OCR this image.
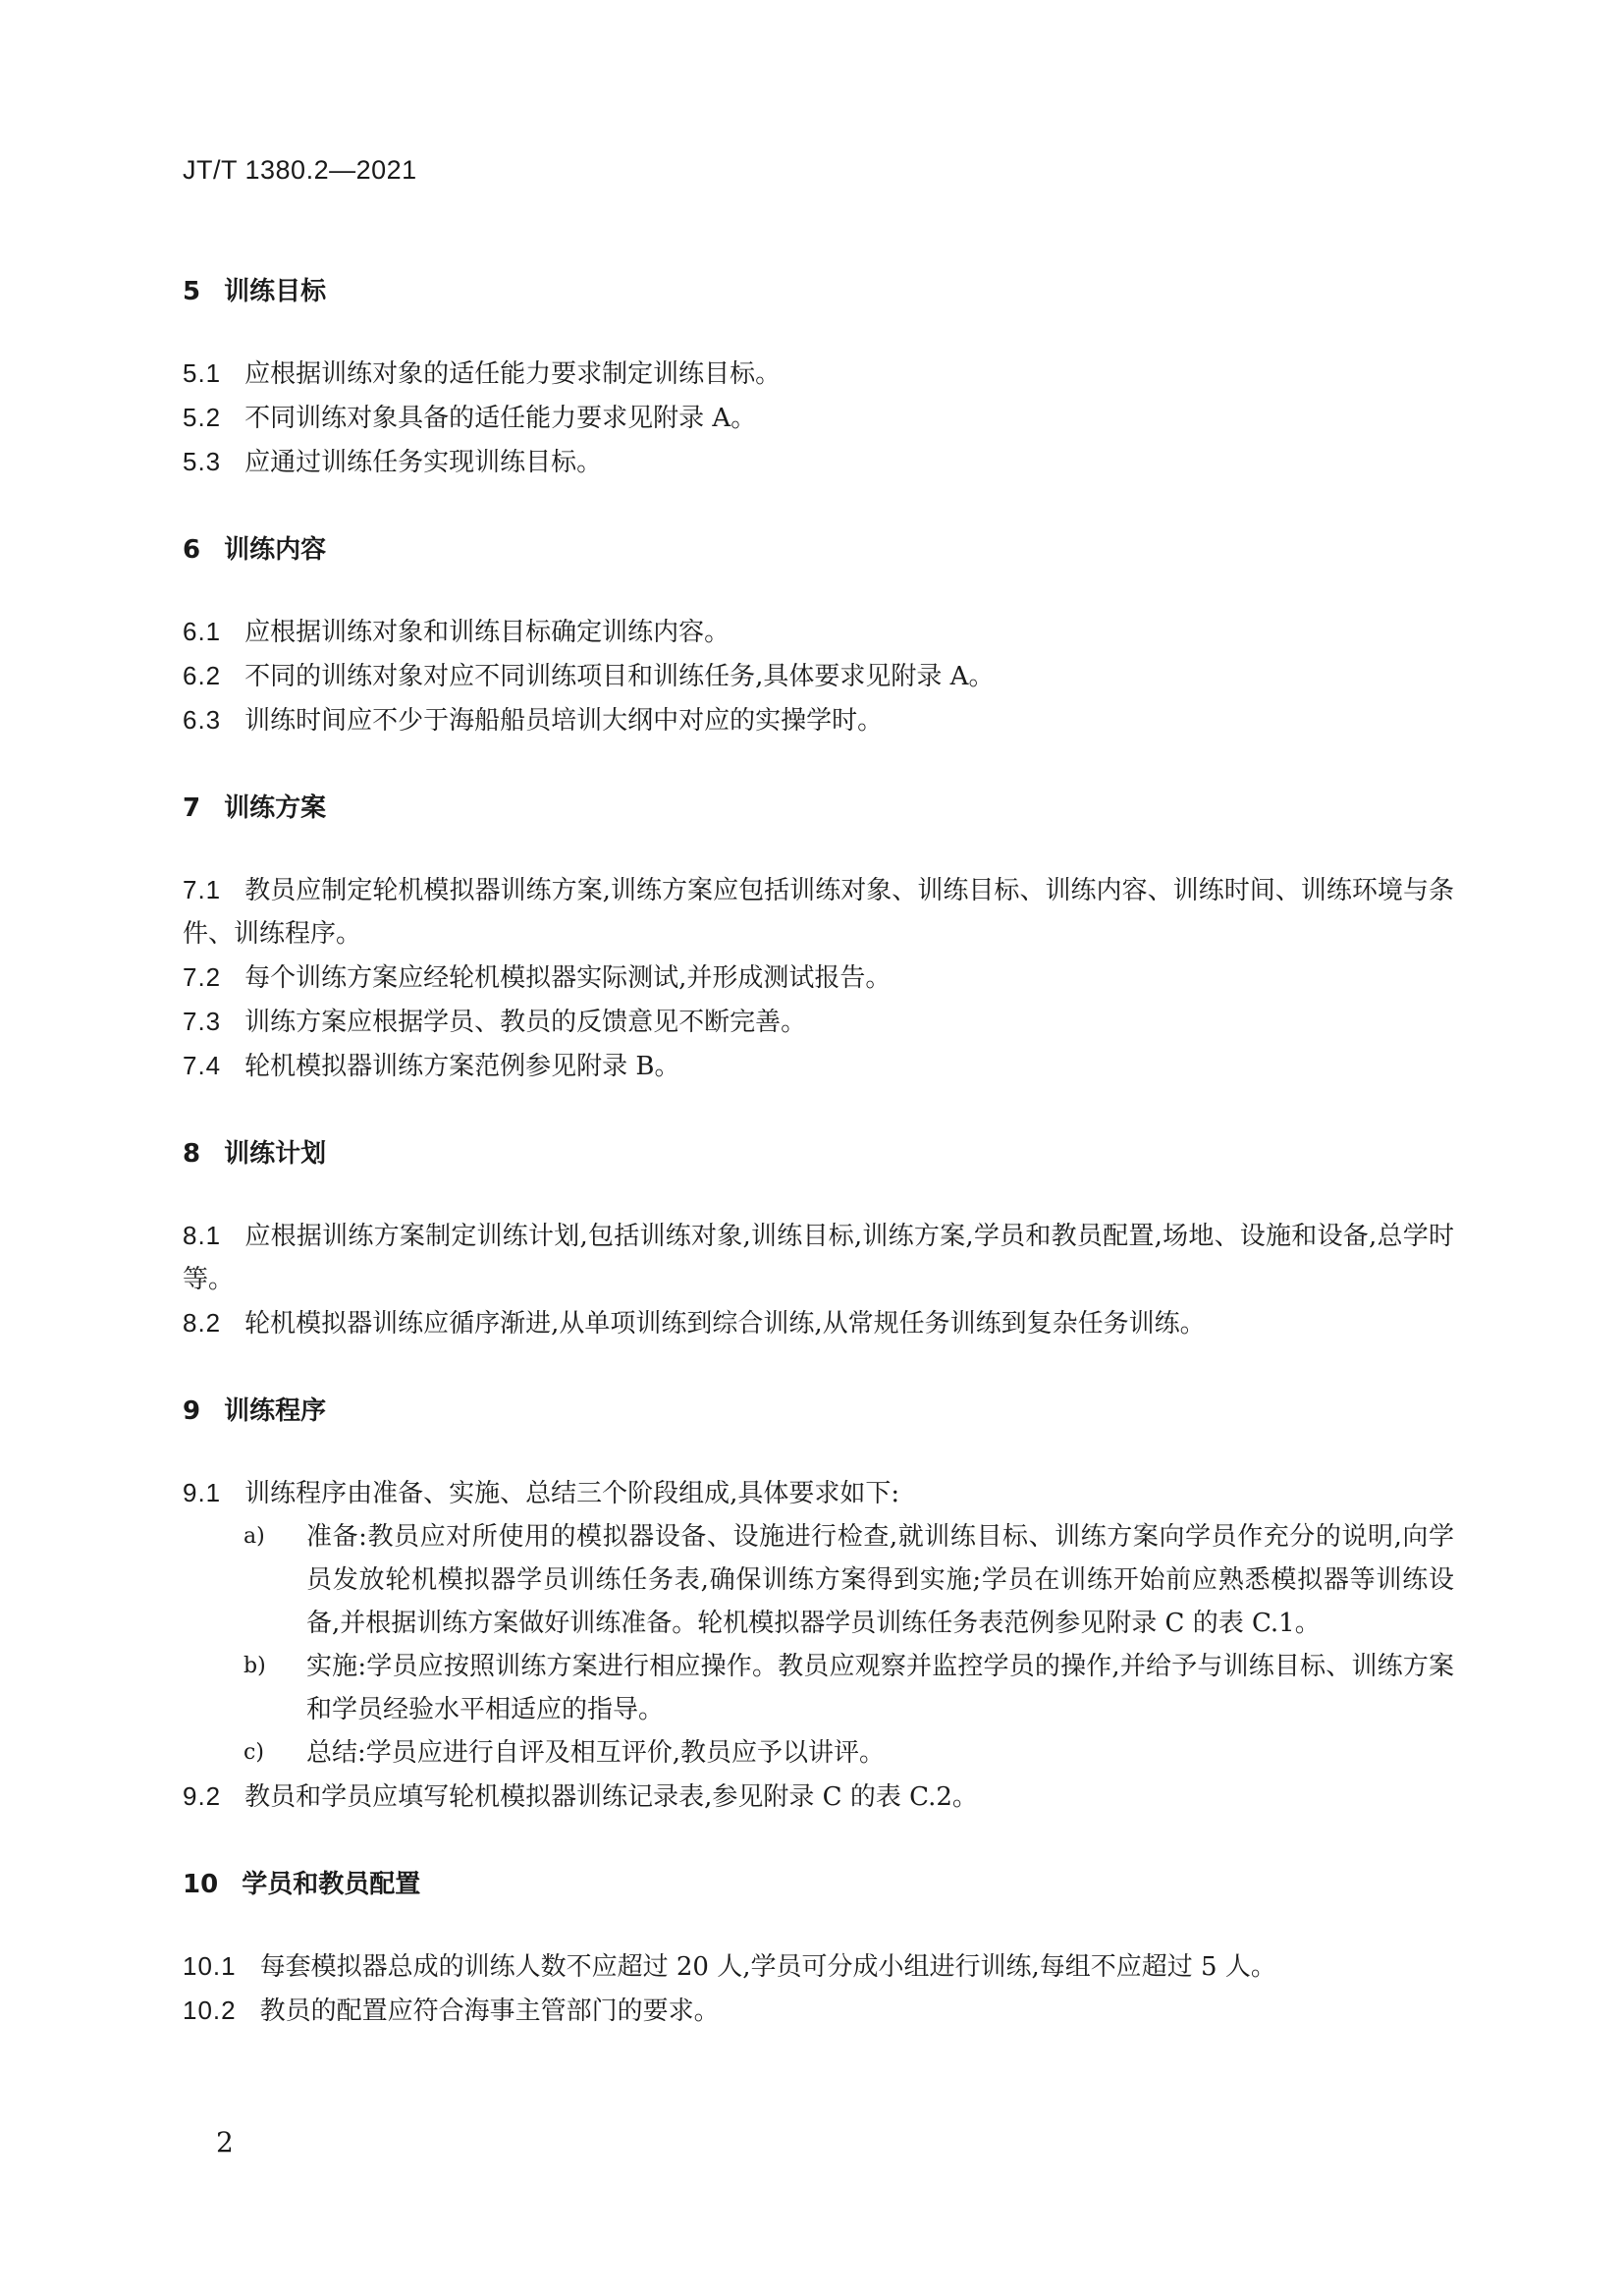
JT/T 1380.2—2021
5 训练目标

5.1 应根据训练对象的适任能力要求制定训练目标。

5.2 不同训练对象具备的适任能力要求见附录 A。

5.3 应通过训练任务实现训练目标。

6 训练内容

6.1 应根据训练对象和训练目标确定训练内容。

6.2 不同的训练对象对应不同训练项目和训练任务,具体要求见附录 A。

6.3 训练时间应不少于海船船员培训大纲中对应的实操学时。

7 训练方案

7.1 教员应制定轮机模拟器训练方案,训练方案应包括训练对象、训练目标、训练内容、训练时间、训练环境与条件、训练程序。

7.2 每个训练方案应经轮机模拟器实际测试,并形成测试报告。

7.3 训练方案应根据学员、教员的反馈意见不断完善。

7.4 轮机模拟器训练方案范例参见附录 B。

8 训练计划

8.1 应根据训练方案制定训练计划,包括训练对象,训练目标,训练方案,学员和教员配置,场地、设施和设备,总学时等。

8.2 轮机模拟器训练应循序渐进,从单项训练到综合训练,从常规任务训练到复杂任务训练。

9 训练程序

9.1 训练程序由准备、实施、总结三个阶段组成,具体要求如下:

a) 准备:教员应对所使用的模拟器设备、设施进行检查,就训练目标、训练方案向学员作充分的说明,向学员发放轮机模拟器学员训练任务表,确保训练方案得到实施;学员在训练开始前应熟悉模拟器等训练设备,并根据训练方案做好训练准备。轮机模拟器学员训练任务表范例参见附录 C 的表 C.1。

b) 实施:学员应按照训练方案进行相应操作。教员应观察并监控学员的操作,并给予与训练目标、训练方案和学员经验水平相适应的指导。

c) 总结:学员应进行自评及相互评价,教员应予以讲评。

9.2 教员和学员应填写轮机模拟器训练记录表,参见附录 C 的表 C.2。

10 学员和教员配置

10.1 每套模拟器总成的训练人数不应超过 20 人,学员可分成小组进行训练,每组不应超过 5 人。

10.2 教员的配置应符合海事主管部门的要求。

2
